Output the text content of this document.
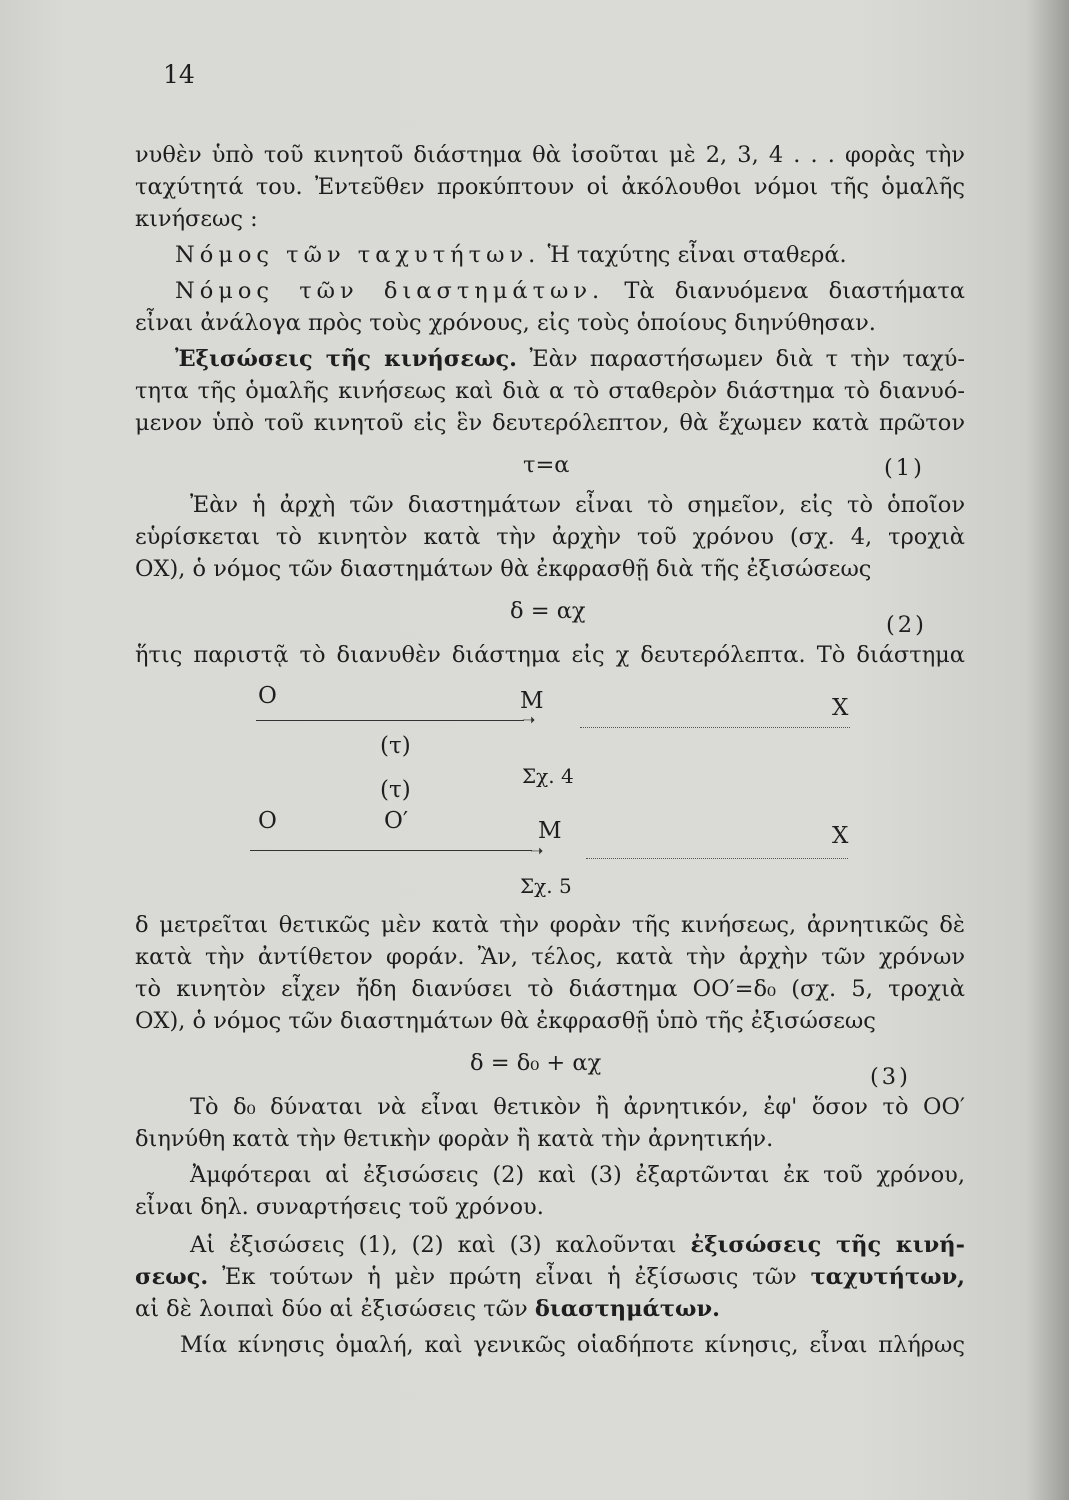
14
νυθὲν ὑπὸ τοῦ κινητοῦ διάστημα θὰ ἰσοῦται μὲ 2, 3, 4 . . . φορὰς τὴν
ταχύτητά του. Ἐντεῦθεν προκύπτουν οἱ ἀκόλουθοι νόμοι τῆς ὁμαλῆς
κινήσεως :
Νόμος τῶν ταχυτήτων. Ἡ ταχύτης εἶναι σταθερά.
Νόμος τῶν διαστημάτων. Τὰ διανυόμενα διαστήματα
εἶναι ἀνάλογα πρὸς τοὺς χρόνους, εἰς τοὺς ὁποίους διηνύθησαν.
Ἐξισώσεις τῆς κινήσεως. Ἐὰν παραστήσωμεν διὰ τ τὴν ταχύ-
τητα τῆς ὁμαλῆς κινήσεως καὶ διὰ α τὸ σταθερὸν διάστημα τὸ διανυό-
μενον ὑπὸ τοῦ κινητοῦ εἰς ἓν δευτερόλεπτον, θὰ ἔχωμεν κατὰ πρῶτον
τ=α	(1)
Ἐὰν ἡ ἀρχὴ τῶν διαστημάτων εἶναι τὸ σημεῖον, εἰς τὸ ὁποῖον
εὑρίσκεται τὸ κινητὸν κατὰ τὴν ἀρχὴν τοῦ χρόνου (σχ. 4, τροχιὰ
ΟΧ), ὁ νόμος τῶν διαστημάτων θὰ ἐκφρασθῇ διὰ τῆς ἐξισώσεως
δ = αχ
(2)
ἥτις παριστᾷ τὸ διανυθὲν διάστημα εἰς χ δευτερόλεπτα. Τὸ διάστημα
Ο	Μ	Χ
➝
(τ)
Σχ. 4
(τ)
Ο	Ο′	Μ	Χ
➝
Σχ. 5
δ μετρεῖται θετικῶς μὲν κατὰ τὴν φορὰν τῆς κινήσεως, ἀρνητικῶς δὲ
κατὰ τὴν ἀντίθετον φοράν. Ἂν, τέλος, κατὰ τὴν ἀρχὴν τῶν χρόνων
τὸ κινητὸν εἶχεν ἤδη διανύσει τὸ διάστημα ΟΟ′=δ₀ (σχ. 5, τροχιὰ
ΟΧ), ὁ νόμος τῶν διαστημάτων θὰ ἐκφρασθῇ ὑπὸ τῆς ἐξισώσεως
δ = δ₀ + αχ
(3)
Τὸ δ₀ δύναται νὰ εἶναι θετικὸν ἢ ἀρνητικόν, ἐφ' ὅσον τὸ ΟΟ′
διηνύθη κατὰ τὴν θετικὴν φορὰν ἢ κατὰ τὴν ἀρνητικήν.
Ἀμφότεραι αἱ ἐξισώσεις (2) καὶ (3) ἐξαρτῶνται ἐκ τοῦ χρόνου,
εἶναι δηλ. συναρτήσεις τοῦ χρόνου.
Αἱ ἐξισώσεις (1), (2) καὶ (3) καλοῦνται ἐξισώσεις τῆς κινή-
σεως. Ἐκ τούτων ἡ μὲν πρώτη εἶναι ἡ ἐξίσωσις τῶν ταχυτήτων,
αἱ δὲ λοιπαὶ δύο αἱ ἐξισώσεις τῶν διαστημάτων.
Μία κίνησις ὁμαλή, καὶ γενικῶς οἱαδήποτε κίνησις, εἶναι πλήρως
